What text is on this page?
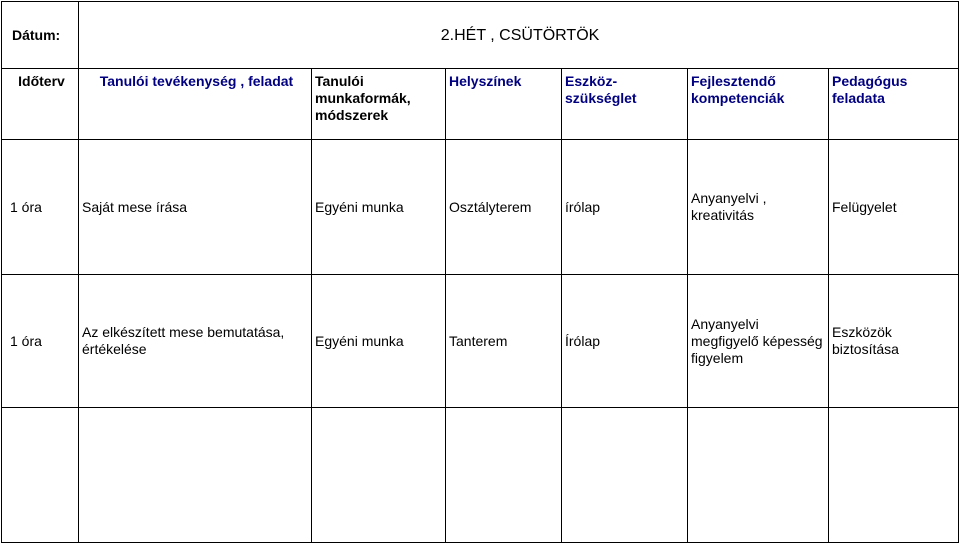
Dátum:	2.HÉT , CSÜTÖRTÖK					
Időterv	Tanulói tevékenység , feladat	Tanulói munkaformák, módszerek	Helyszínek	Eszköz-szükséglet	Fejlesztendő kompetenciák	Pedagógus feladata
1 óra	Saját mese írása	Egyéni munka	Osztályterem	írólap	Anyanyelvi , kreativitás	Felügyelet
1 óra	Az elkészített mese bemutatása, értékelése	Egyéni munka	Tanterem	Írólap	Anyanyelvi megfigyelő képesség figyelem	Eszközök biztosítása
